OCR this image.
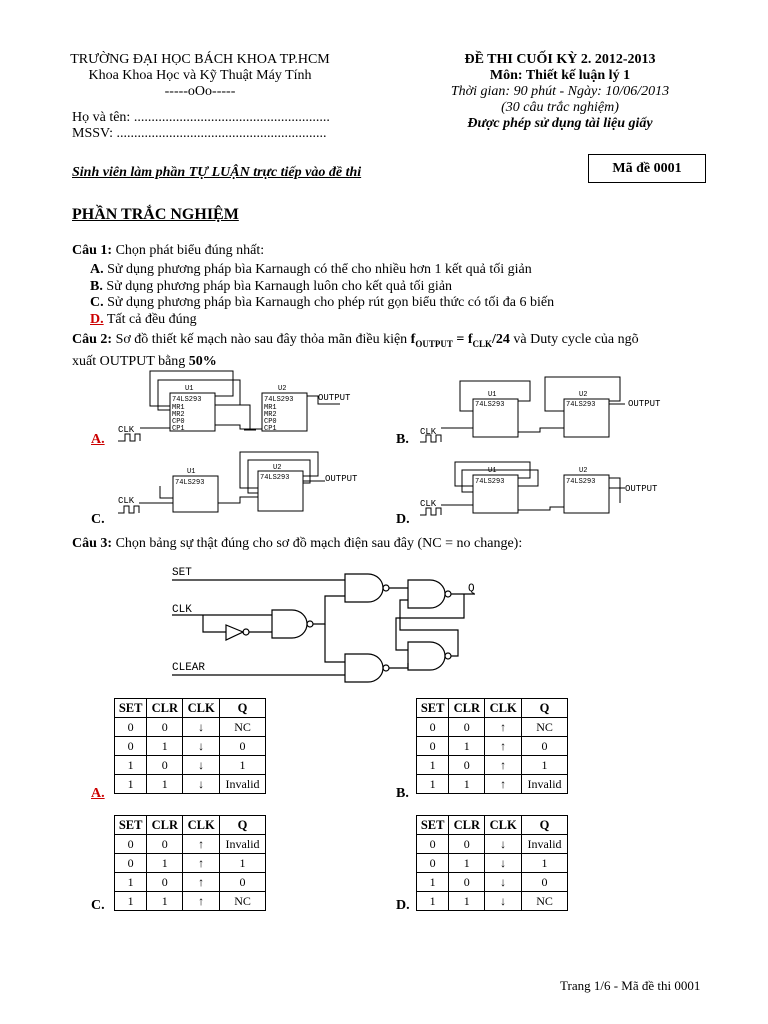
TRƯỜNG ĐẠI HỌC BÁCH KHOA TP.HCM
Khoa Khoa Học và Kỹ Thuật Máy Tính
-----oOo-----
Họ và tên: ........................................................
MSSV: ............................................................
ĐỀ THI CUỐI KỲ 2. 2012-2013
Môn: Thiết kế luận lý 1
Thời gian: 90 phút - Ngày: 10/06/2013
(30 câu trắc nghiệm)
Được phép sử dụng tài liệu giấy
Mã đề 0001
Sinh viên làm phần TỰ LUẬN trực tiếp vào đề thi
PHẦN TRẮC NGHIỆM
Câu 1: Chọn phát biểu đúng nhất:
A. Sử dụng phương pháp bìa Karnaugh có thể cho nhiều hơn 1 kết quả tối giản
B. Sử dụng phương pháp bìa Karnaugh luôn cho kết quả tối giản
C. Sử dụng phương pháp bìa Karnaugh cho phép rút gọn biểu thức có tối đa 6 biến
D. Tất cả đều đúng
Câu 2: Sơ đồ thiết kế mạch nào sau đây thỏa mãn điều kiện $f_{OUTPUT} = f_{CLK}/24$ và Duty cycle của ngõ
xuất OUTPUT bằng 50%
U1	U2
74LS293	74LS293
MR1
MR2
CP0
CP1
MR1
MR2
CP0
CP1
U1	U2
74LS293	74LS293
U1	U2
74LS293
74LS293
U1	U2
74LS293	74LS293
CLK
OUTPUT
CLK
OUTPUT
CLK
OUTPUT
CLK
OUTPUT
SET
CLK
CLEAR
Q
A.	B.
C.	D.
Câu 3: Chọn bảng sự thật đúng cho sơ đồ mạch điện sau đây (NC = no change):
A.	B.
C.	D.
SET	CLR	CLK	Q
0	0	↓	NC
0	1	↓	0
1	0	↓	1
1	1	↓	Invalid
SET	CLR	CLK	Q
0	0	↑	NC
0	1	↑	0
1	0	↑	1
1	1	↑	Invalid
SET	CLR	CLK	Q
0	0	↑	Invalid
0	1	↑	1
1	0	↑	0
1	1	↑	NC
SET	CLR	CLK	Q
0	0	↓	Invalid
0	1	↓	1
1	0	↓	0
1	1	↓	NC
Trang 1/6 - Mã đề thi 0001
